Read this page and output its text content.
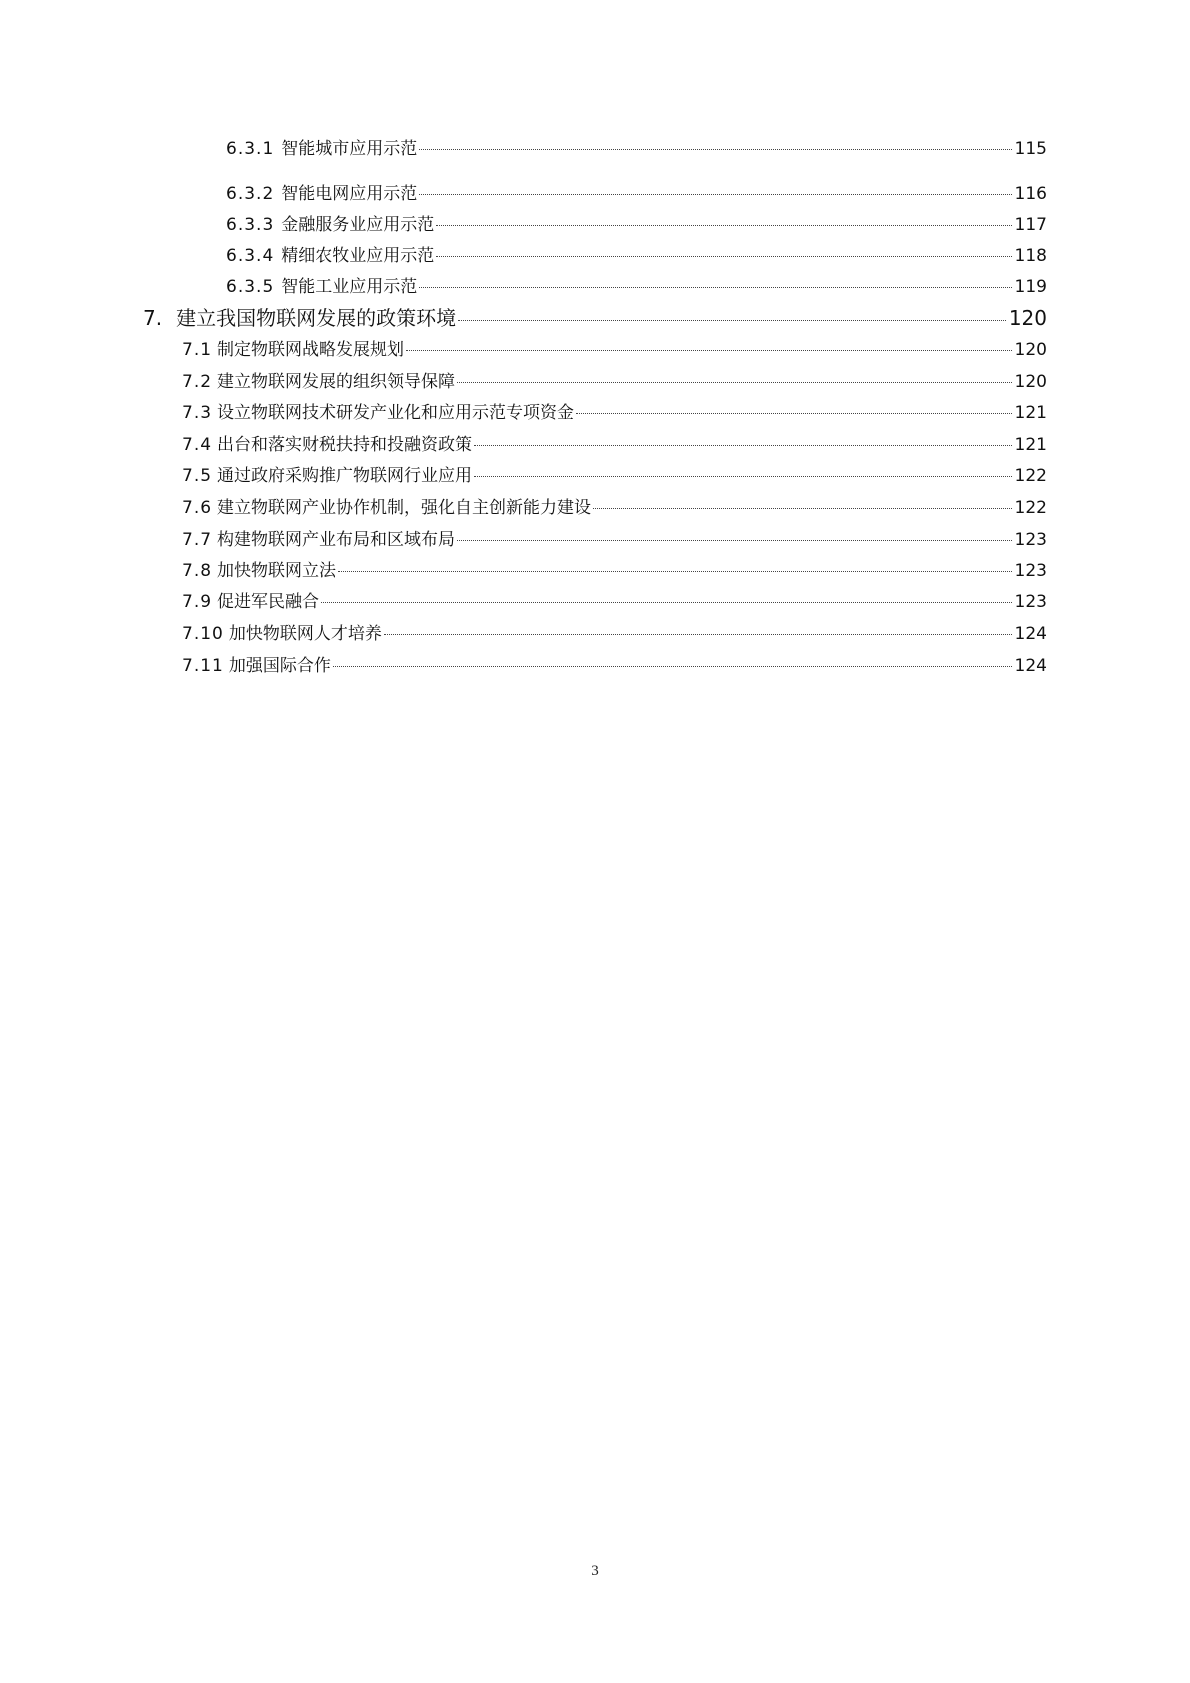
6.3.1 智能城市应用示范	115
6.3.2 智能电网应用示范	116
6.3.3 金融服务业应用示范	117
6.3.4 精细农牧业应用示范	118
6.3.5 智能工业应用示范	119
7. 建立我国物联网发展的政策环境	120
7.1 制定物联网战略发展规划	120
7.2 建立物联网发展的组织领导保障	120
7.3 设立物联网技术研发产业化和应用示范专项资金	121
7.4 出台和落实财税扶持和投融资政策	121
7.5 通过政府采购推广物联网行业应用	122
7.6 建立物联网产业协作机制，强化自主创新能力建设	122
7.7 构建物联网产业布局和区域布局	123
7.8 加快物联网立法	123
7.9 促进军民融合	123
7.10 加快物联网人才培养	124
7.11 加强国际合作	124
3
